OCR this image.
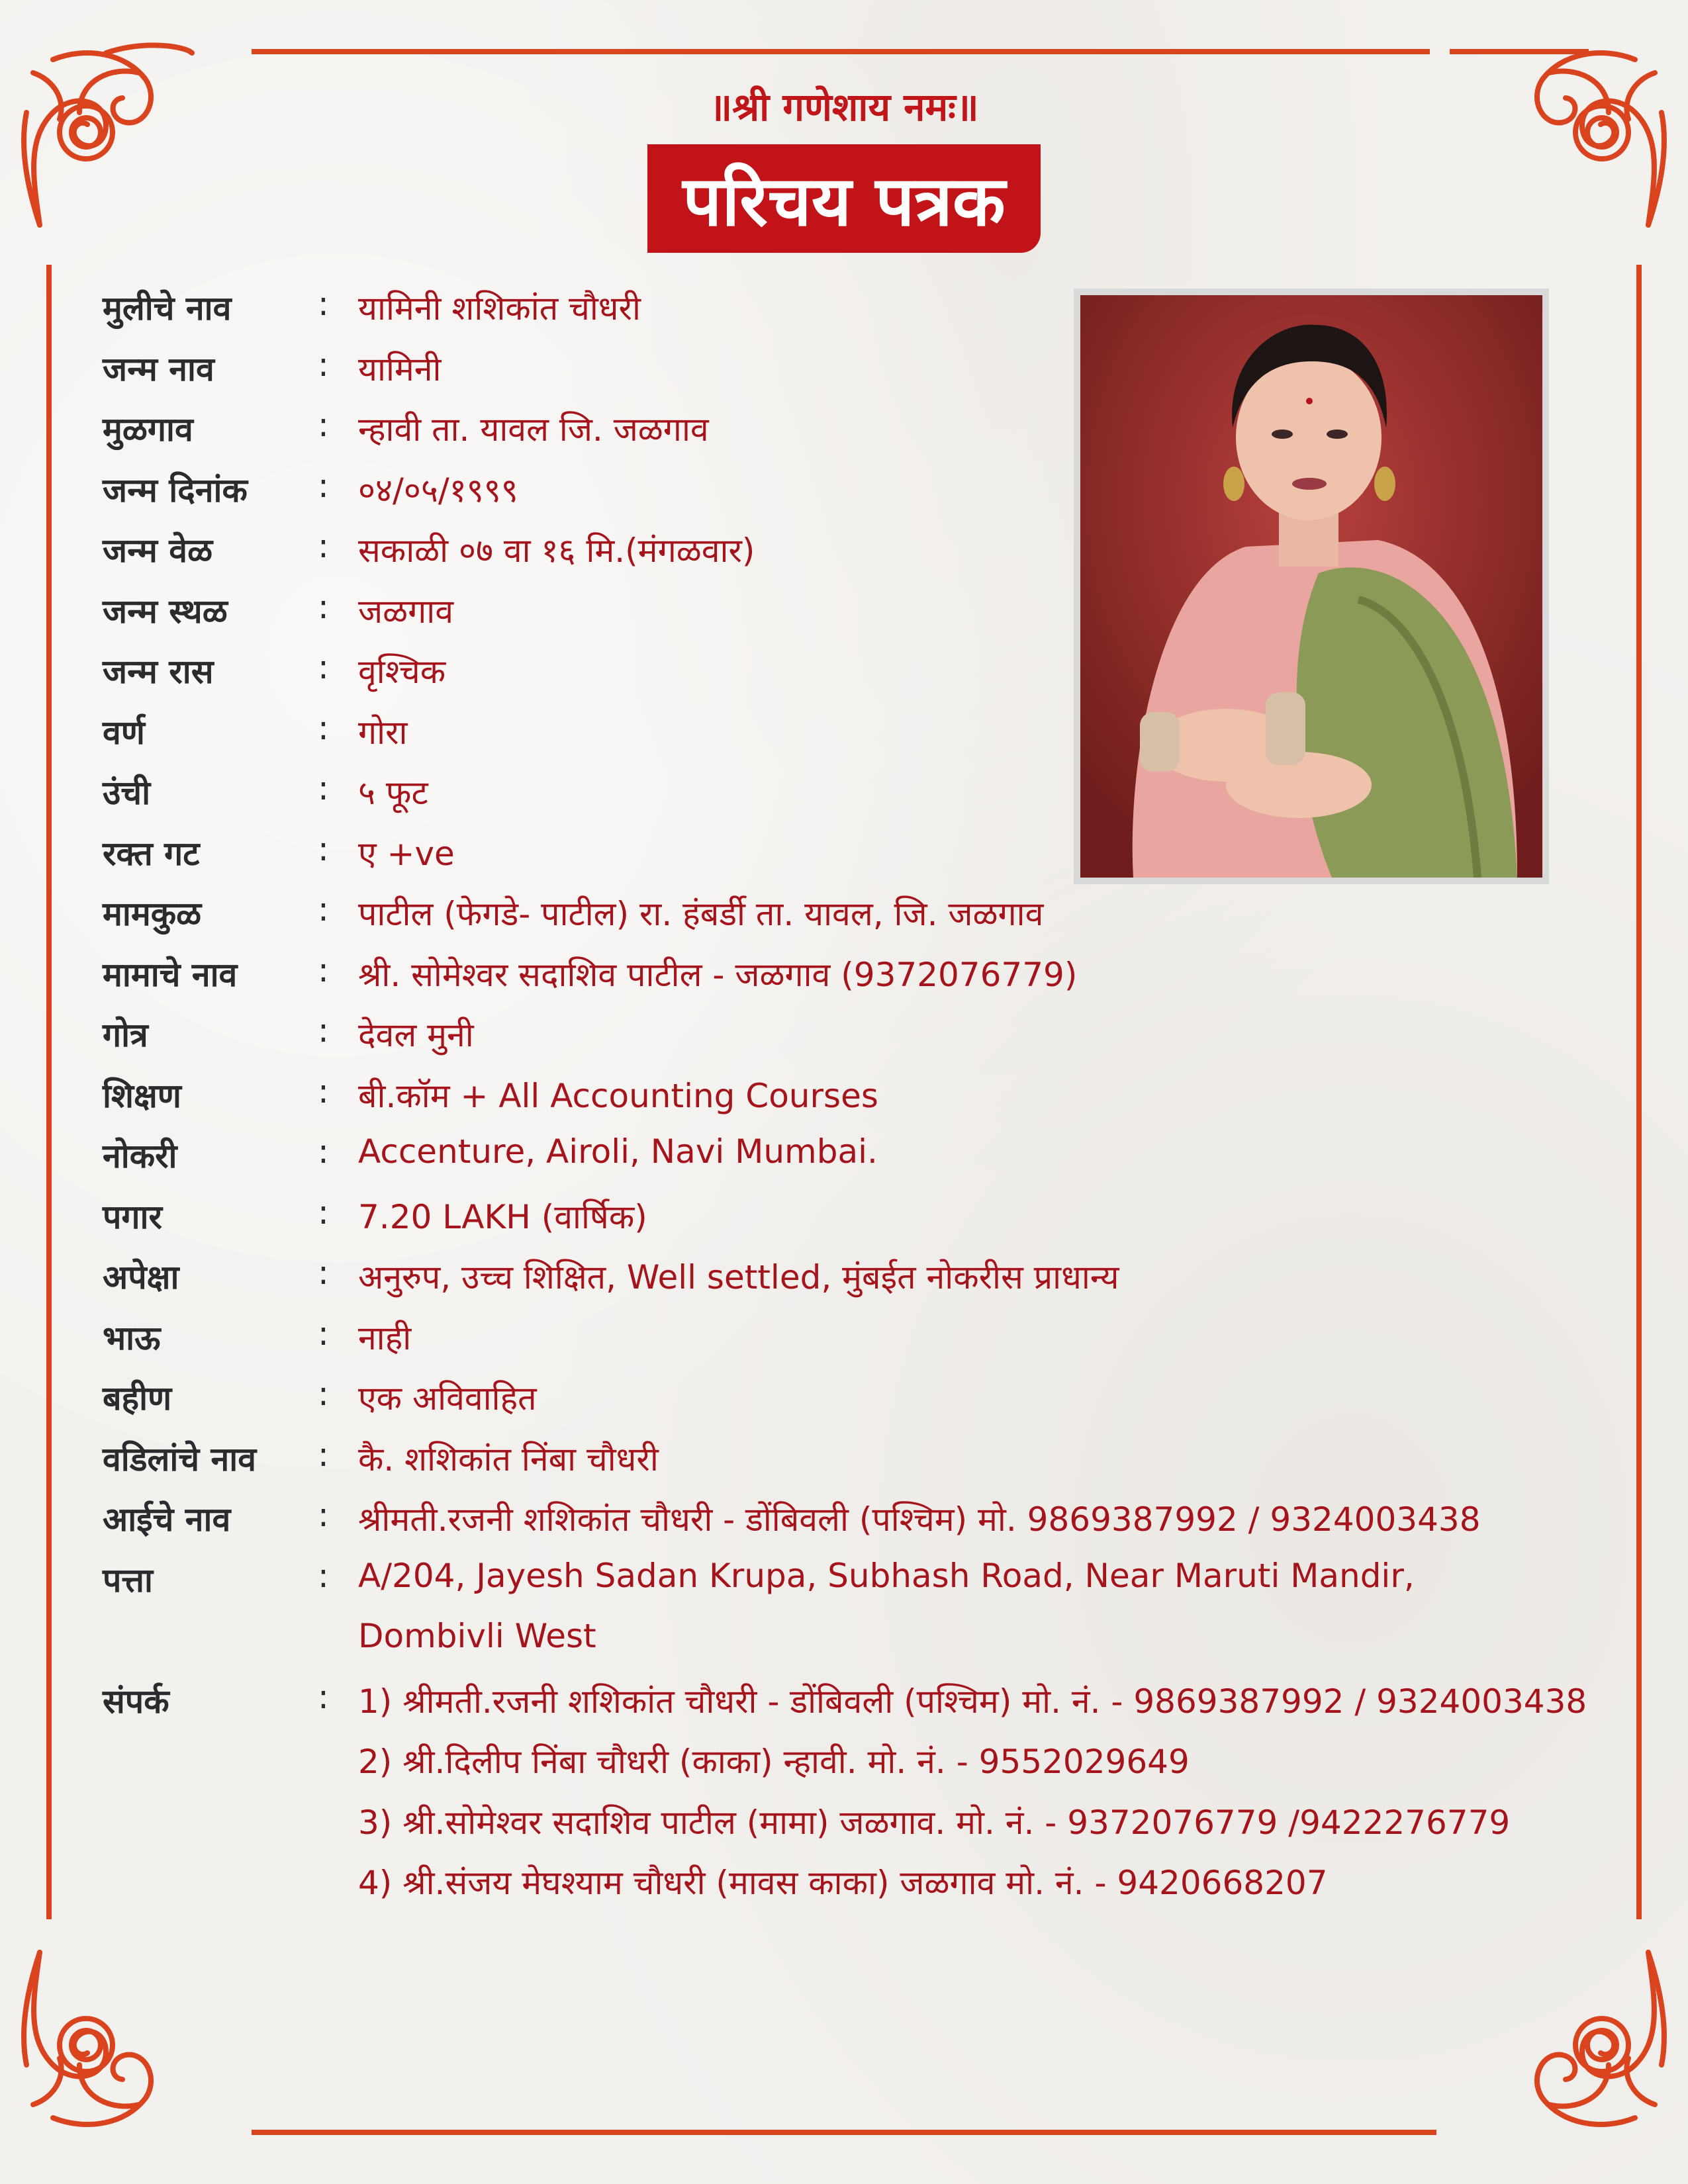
॥श्री गणेशाय नमः॥
परिचय पत्रक
मुलीचे नाव	: यामिनी शशिकांत चौधरी
जन्म नाव	: यामिनी
मुळगाव	: न्हावी ता. यावल जि. जळगाव
जन्म दिनांक : ०४/०५/१९९९
जन्म वेळ	: सकाळी ०७ वा १६ मि.(मंगळवार)
जन्म स्थळ	: जळगाव
जन्म रास	: वृश्चिक
वर्ण	: गोरा
उंची	: ५ फूट
रक्त गट	: ए +ve
मामकुळ	: पाटील (फेगडे- पाटील) रा. हंबर्डी ता. यावल, जि. जळगाव
मामाचे नाव : श्री. सोमेश्वर सदाशिव पाटील - जळगाव (9372076779)
गोत्र	: देवल मुनी
शिक्षण	: बी.कॉम + All Accounting Courses
नोकरी	: Accenture, Airoli, Navi Mumbai.
पगार	: 7.20 LAKH (वार्षिक)
अपेक्षा	: अनुरुप, उच्च शिक्षित, Well settled, मुंबईत नोकरीस प्राधान्य
भाऊ	: नाही
बहीण	: एक अविवाहित
वडिलांचे नाव : कै. शशिकांत निंबा चौधरी
आईचे नाव	: श्रीमती.रजनी शशिकांत चौधरी - डोंबिवली (पश्चिम) मो. 9869387992 / 9324003438
पत्ता	: A/204, Jayesh Sadan Krupa, Subhash Road, Near Maruti Mandir,
Dombivli West
संपर्क	: 1) श्रीमती.रजनी शशिकांत चौधरी - डोंबिवली (पश्चिम) मो. नं. - 9869387992 / 9324003438
2) श्री.दिलीप निंबा चौधरी (काका) न्हावी. मो. नं. - 9552029649
3) श्री.सोमेश्वर सदाशिव पाटील (मामा) जळगाव. मो. नं. - 9372076779 /9422276779
4) श्री.संजय मेघश्याम चौधरी (मावस काका) जळगाव मो. नं. - 9420668207
